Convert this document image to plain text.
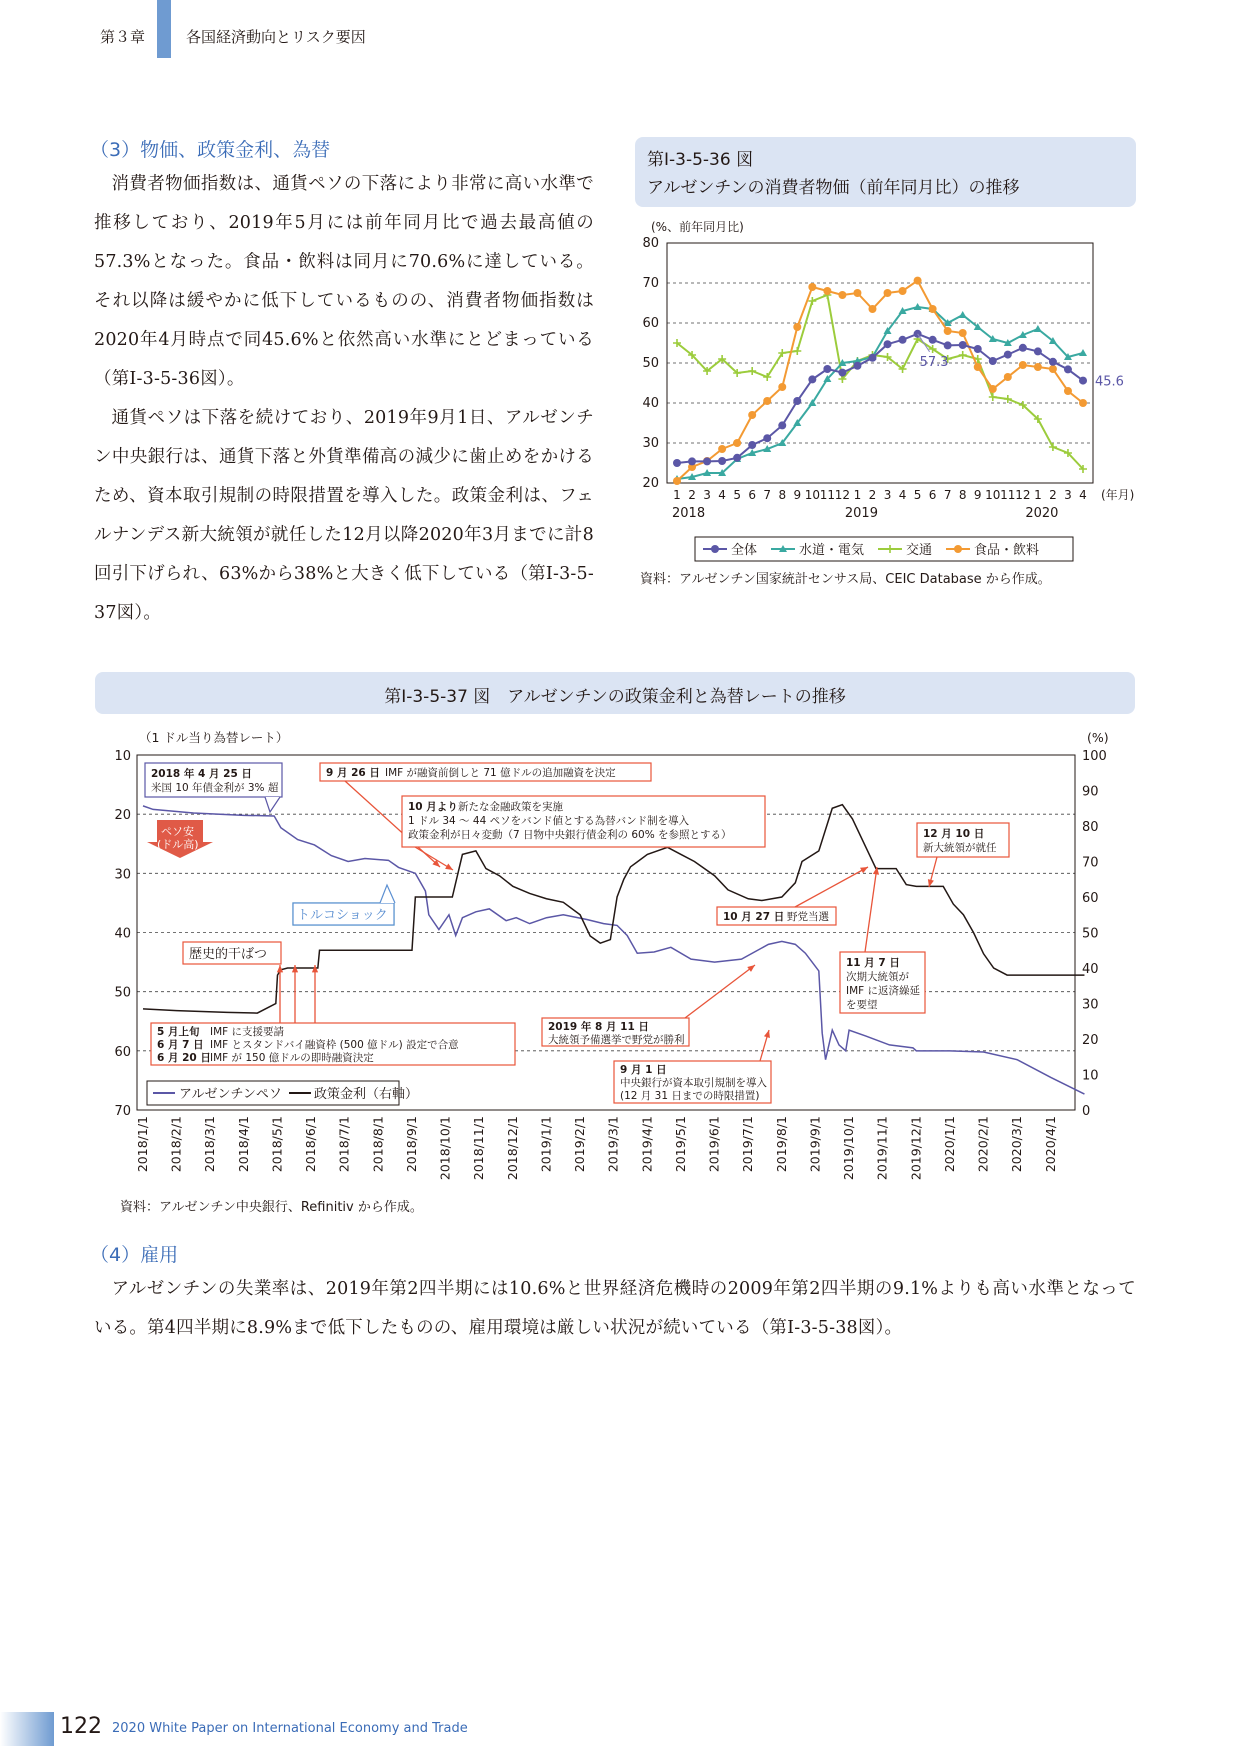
第３章	各国経済動向とリスク要因
（3）物価、政策金利、為替

消費者物価指数は、通貨ペソの下落により非常に高い水準で推移しており、2019年5月には前年同月比で過去最高値の57.3%となった。食品・飲料は同月に70.6%に達している。それ以降は緩やかに低下しているものの、消費者物価指数は2020年4月時点で同45.6%と依然高い水準にとどまっている（第Ⅰ-3-5-36図）。

通貨ペソは下落を続けており、2019年9月1日、アルゼンチン中央銀行は、通貨下落と外貨準備高の減少に歯止めをかけるため、資本取引規制の時限措置を導入した。政策金利は、フェルナンデス新大統領が就任した12月以降2020年3月までに計8回引下げられ、63%から38%と大きく低下している（第Ⅰ-3-5-37図）。

第Ⅰ-3-5-36 図
アルゼンチンの消費者物価（前年同月比）の推移
(%、前年同月比)
20
30
40
50
60
70
80
1 2 3 4 5 6 7 8 9 10 11 12 1 2 3 4 5 6 7 8 9 10 11 12 1 2 3 4 (年月)
2018	2019	2020
57.3
45.6
全体	水道・電気	交通	食品・飲料
資料：アルゼンチン国家統計センサス局、CEIC Database から作成。
第Ⅰ-3-5-37 図　アルゼンチンの政策金利と為替レートの推移
（1 ドル当り為替レート）	(%)
10
20
30
40
50
60
70	0
10
20
30
40
50
60
70
80
90
100
2018/1/1 2018/2/1 2018/3/1 2018/4/1 2018/5/1 2018/6/1 2018/7/1 2018/8/1 2018/9/1 2018/10/1 2018/11/1 2018/12/1 2019/1/1 2019/2/1 2019/3/1 2019/4/1 2019/5/1 2019/6/1 2019/7/1 2019/8/1 2019/9/1 2019/10/1 2019/11/1 2019/12/1 2020/1/1 2020/2/1 2020/3/1 2020/4/1
2018 年 4 月 25 日
米国 10 年債金利が 3% 超
9 月 26 日 IMF が融資前倒しと 71 億ドルの追加融資を決定
10 月より 新たな金融政策を実施
1 ドル 34 ～ 44 ペソをバンド値とする為替バンド制を導入
政策金利が日々変動（7 日物中央銀行債金利の 60% を参照とする）	12 月 10 日
新大統領が就任
10 月 27 日 野党当選
11 月 7 日
次期大統領が
IMF に返済繰延
を要望
トルコショック
歴史的干ばつ
ペソ安
(ドル高)
5 月上旬 IMF に支援要請
6 月 7 日 IMF とスタンドバイ融資枠 (500 億ドル) 設定で合意
6 月 20 日 IMF が 150 億ドルの即時融資決定
2019 年 8 月 11 日
大統領予備選挙で野党が勝利
9 月 1 日
中央銀行が資本取引規制を導入
(12 月 31 日までの時限措置)
アルゼンチンペソ 政策金利（右軸）
資料：アルゼンチン中央銀行、Refinitiv から作成。
（4）雇用

アルゼンチンの失業率は、2019年第2四半期には10.6%と世界経済危機時の2009年第2四半期の9.1%よりも高い水準となっている。第4四半期に8.9%まで低下したものの、雇用環境は厳しい状況が続いている（第Ⅰ-3-5-38図）。

122 2020 White Paper on International Economy and Trade
